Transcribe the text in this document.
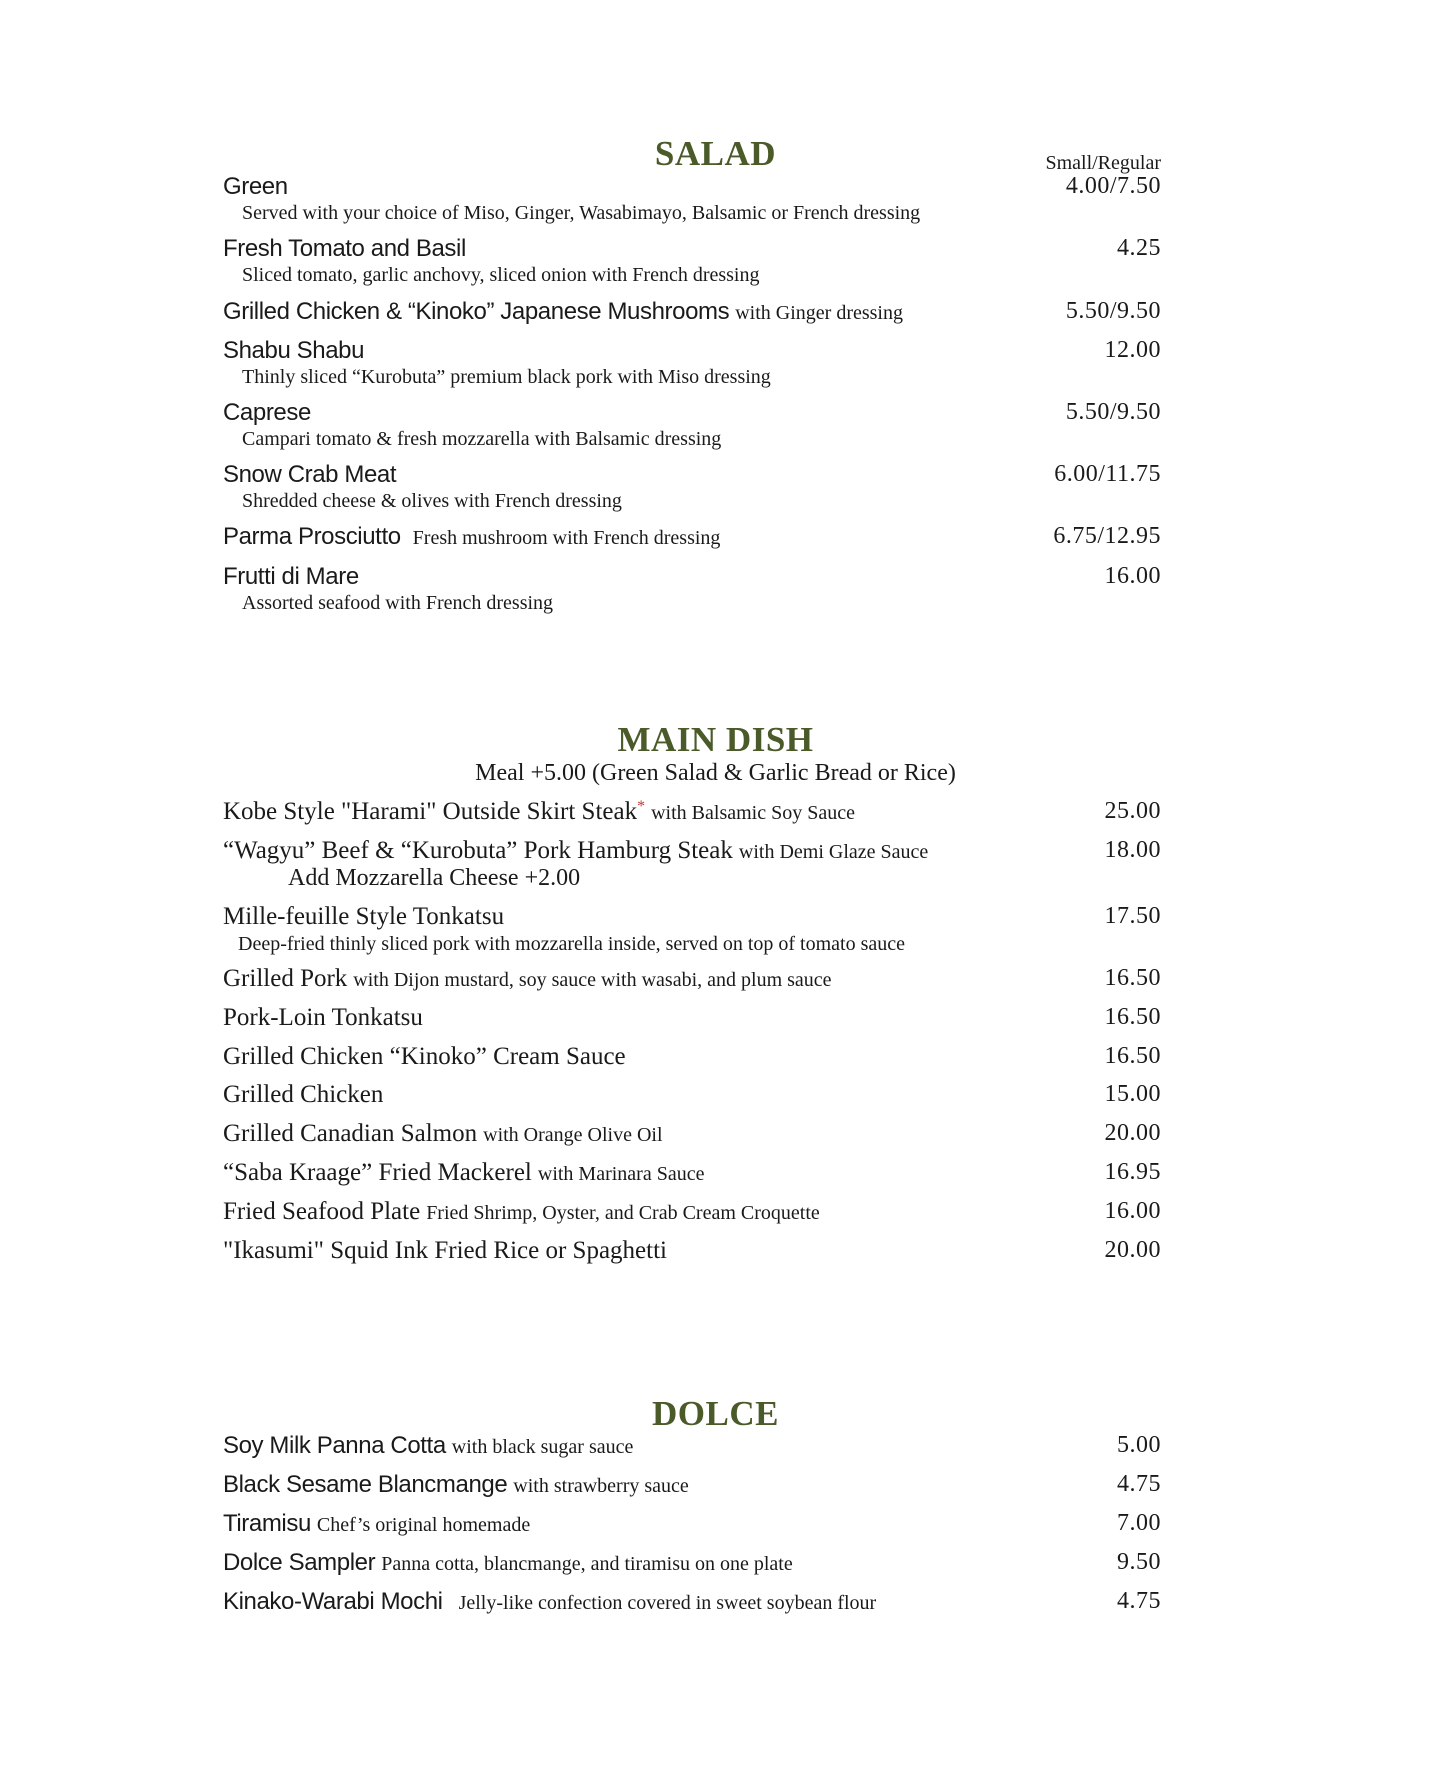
SALAD	Small/Regular
Green	4.00/7.50
Served with your choice of Miso, Ginger, Wasabimayo, Balsamic or French dressing
Fresh Tomato and Basil	4.25
Sliced tomato, garlic anchovy, sliced onion with French dressing
Grilled Chicken & “Kinoko” Japanese Mushrooms with Ginger dressing	5.50/9.50
Shabu Shabu	12.00
Thinly sliced “Kurobuta” premium black pork with Miso dressing
Caprese	5.50/9.50
Campari tomato & fresh mozzarella with Balsamic dressing
Snow Crab Meat	6.00/11.75
Shredded cheese & olives with French dressing
Parma Prosciutto Fresh mushroom with French dressing	6.75/12.95
Frutti di Mare	16.00
Assorted seafood with French dressing
MAIN DISH
Meal +5.00 (Green Salad & Garlic Bread or Rice)
Kobe Style "Harami" Outside Skirt Steak* with Balsamic Soy Sauce	25.00
“Wagyu” Beef & “Kurobuta” Pork Hamburg Steak with Demi Glaze Sauce	18.00
Add Mozzarella Cheese +2.00
Mille-feuille Style Tonkatsu	17.50
Deep-fried thinly sliced pork with mozzarella inside, served on top of tomato sauce
Grilled Pork with Dijon mustard, soy sauce with wasabi, and plum sauce	16.50
Pork-Loin Tonkatsu	16.50
Grilled Chicken “Kinoko” Cream Sauce	16.50
Grilled Chicken	15.00
Grilled Canadian Salmon with Orange Olive Oil	20.00
“Saba Kraage” Fried Mackerel with Marinara Sauce	16.95
Fried Seafood Plate Fried Shrimp, Oyster, and Crab Cream Croquette	16.00
"Ikasumi" Squid Ink Fried Rice or Spaghetti	20.00
DOLCE
Soy Milk Panna Cotta with black sugar sauce	5.00
Black Sesame Blancmange with strawberry sauce	4.75
Tiramisu Chef’s original homemade	7.00
Dolce Sampler Panna cotta, blancmange, and tiramisu on one plate	9.50
Kinako-Warabi Mochi Jelly-like confection covered in sweet soybean flour	4.75
